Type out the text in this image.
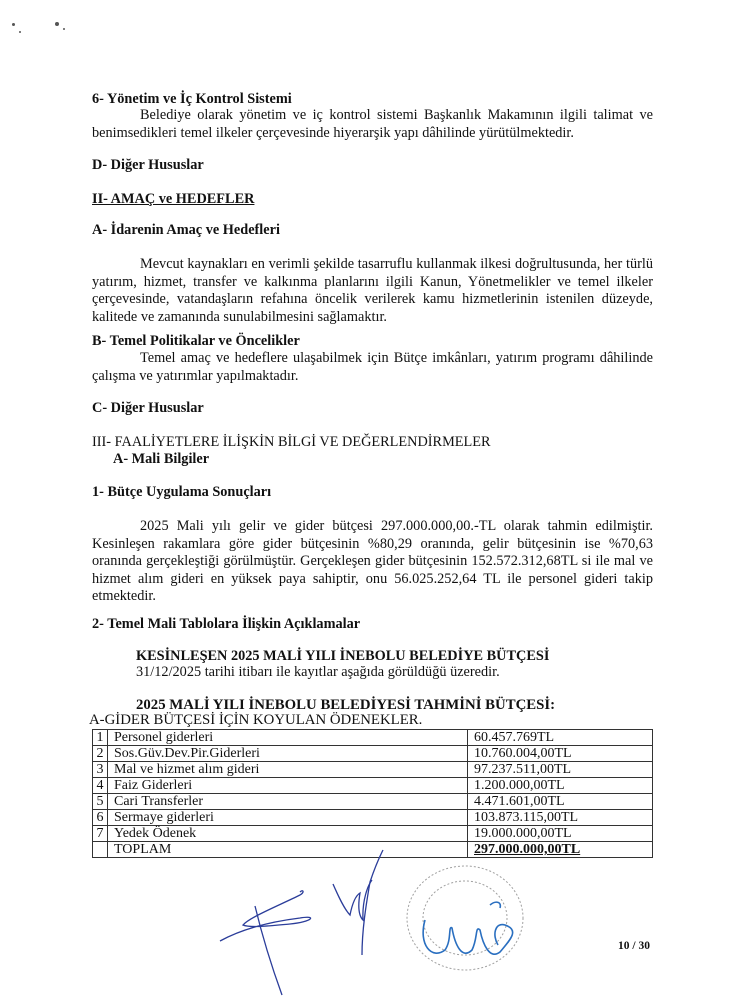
6- Yönetim ve İç Kontrol Sistemi

Belediye olarak yönetim ve iç kontrol sistemi Başkanlık Makamının ilgili talimat ve benimsedikleri temel ilkeler çerçevesinde hiyerarşik yapı dâhilinde yürütülmektedir.

D- Diğer Hususlar
II- AMAÇ ve HEDEFLER
A- İdarenin Amaç ve Hedefleri

Mevcut kaynakları en verimli şekilde tasarruflu kullanmak ilkesi doğrultusunda, her türlü yatırım, hizmet, transfer ve kalkınma planlarını ilgili Kanun, Yönetmelikler ve temel ilkeler çerçevesinde, vatandaşların refahına öncelik verilerek kamu hizmetlerinin istenilen düzeyde, kalitede ve zamanında sunulabilmesini sağlamaktır.

B- Temel Politikalar ve Öncelikler

Temel amaç ve hedeflere ulaşabilmek için Bütçe imkânları, yatırım programı dâhilinde çalışma ve yatırımlar yapılmaktadır.

C- Diğer Hususlar
III- FAALİYETLERE İLİŞKİN BİLGİ VE DEĞERLENDİRMELER
A- Mali Bilgiler
1- Bütçe Uygulama Sonuçları

2025 Mali yılı gelir ve gider bütçesi 297.000.000,00.-TL olarak tahmin edilmiştir. Kesinleşen rakamlara göre gider bütçesinin %80,29 oranında, gelir bütçesinin ise %70,63 oranında gerçekleştiği görülmüştür. Gerçekleşen gider bütçesinin 152.572.312,68TL si ile mal ve hizmet alım gideri en yüksek paya sahiptir, onu 56.025.252,64 TL ile personel gideri takip etmektedir.

2- Temel Mali Tablolara İlişkin Açıklamalar
KESİNLEŞEN 2025 MALİ YILI İNEBOLU BELEDİYE BÜTÇESİ
31/12/2025 tarihi itibarı ile kayıtlar aşağıda görüldüğü üzeredir.
2025 MALİ YILI İNEBOLU BELEDİYESİ TAHMİNİ BÜTÇESİ:
A-GİDER BÜTÇESİ İÇİN KOYULAN ÖDENEKLER.
1	Personel giderleri	60.457.769TL
2	Sos.Güv.Dev.Pir.Giderleri	10.760.004,00TL
3	Mal ve hizmet alım gideri	97.237.511,00TL
4	Faiz Giderleri	1.200.000,00TL
5	Cari Transferler	4.471.601,00TL
6	Sermaye giderleri	103.873.115,00TL
7	Yedek Ödenek	19.000.000,00TL
	TOPLAM	297.000.000,00TL
10 / 30
